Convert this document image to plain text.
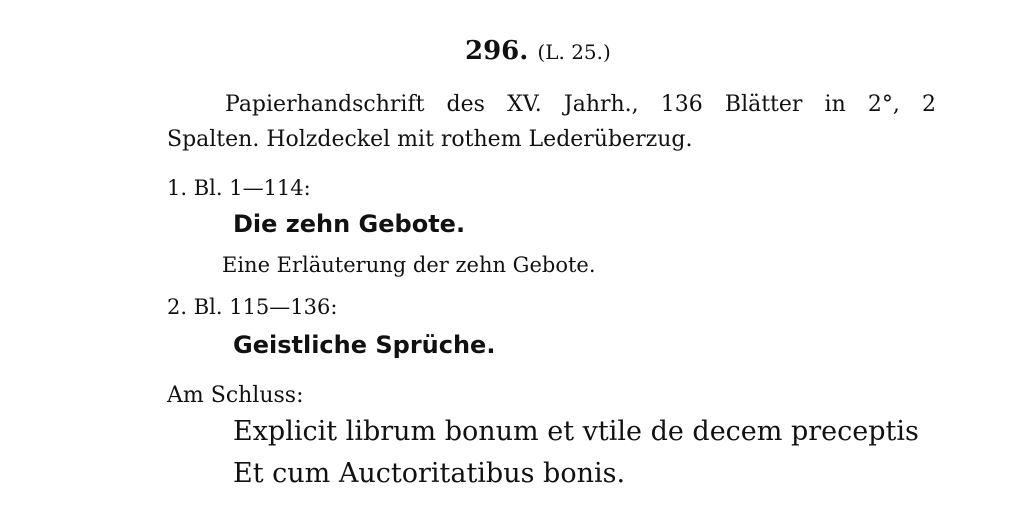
296. (L. 25.)
Papierhandschrift des XV. Jahrh., 136 Blätter in 2°, 2
Spalten. Holzdeckel mit rothem Lederüberzug.
1. Bl. 1—114:
Die zehn Gebote.
Eine Erläuterung der zehn Gebote.
2. Bl. 115—136:
Geistliche Sprüche.
Am Schluss:
Explicit librum bonum et vtile de decem preceptis
Et cum Auctoritatibus bonis.
